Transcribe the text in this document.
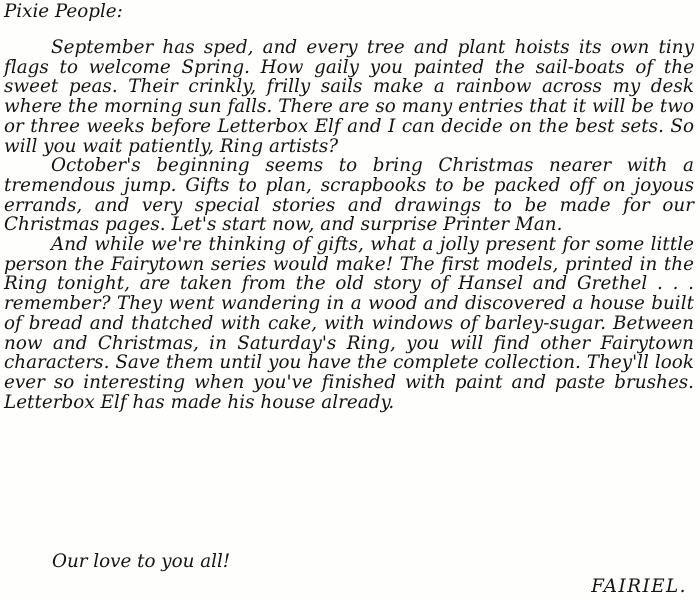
Pixie People:

September has sped, and every tree and plant hoists its own tiny flags to welcome Spring. How gaily you painted the sail-boats of the sweet peas. Their crinkly, frilly sails make a rainbow across my desk where the morning sun falls. There are so many entries that it will be two or three weeks before Letterbox Elf and I can decide on the best sets. So will you wait patiently, Ring artists?

October's beginning seems to bring Christmas nearer with a tremendous jump. Gifts to plan, scrapbooks to be packed off on joyous errands, and very special stories and drawings to be made for our Christmas pages. Let's start now, and surprise Printer Man.

And while we're thinking of gifts, what a jolly present for some little person the Fairytown series would make! The first models, printed in the Ring tonight, are taken from the old story of Hansel and Grethel . . . remember? They went wandering in a wood and discovered a house built of bread and thatched with cake, with windows of barley-sugar. Between now and Christmas, in Saturday's Ring, you will find other Fairytown characters. Save them until you have the complete collection. They'll look ever so interesting when you've finished with paint and paste brushes. Letterbox Elf has made his house already.

Our love to you all!

FAIRIEL.
